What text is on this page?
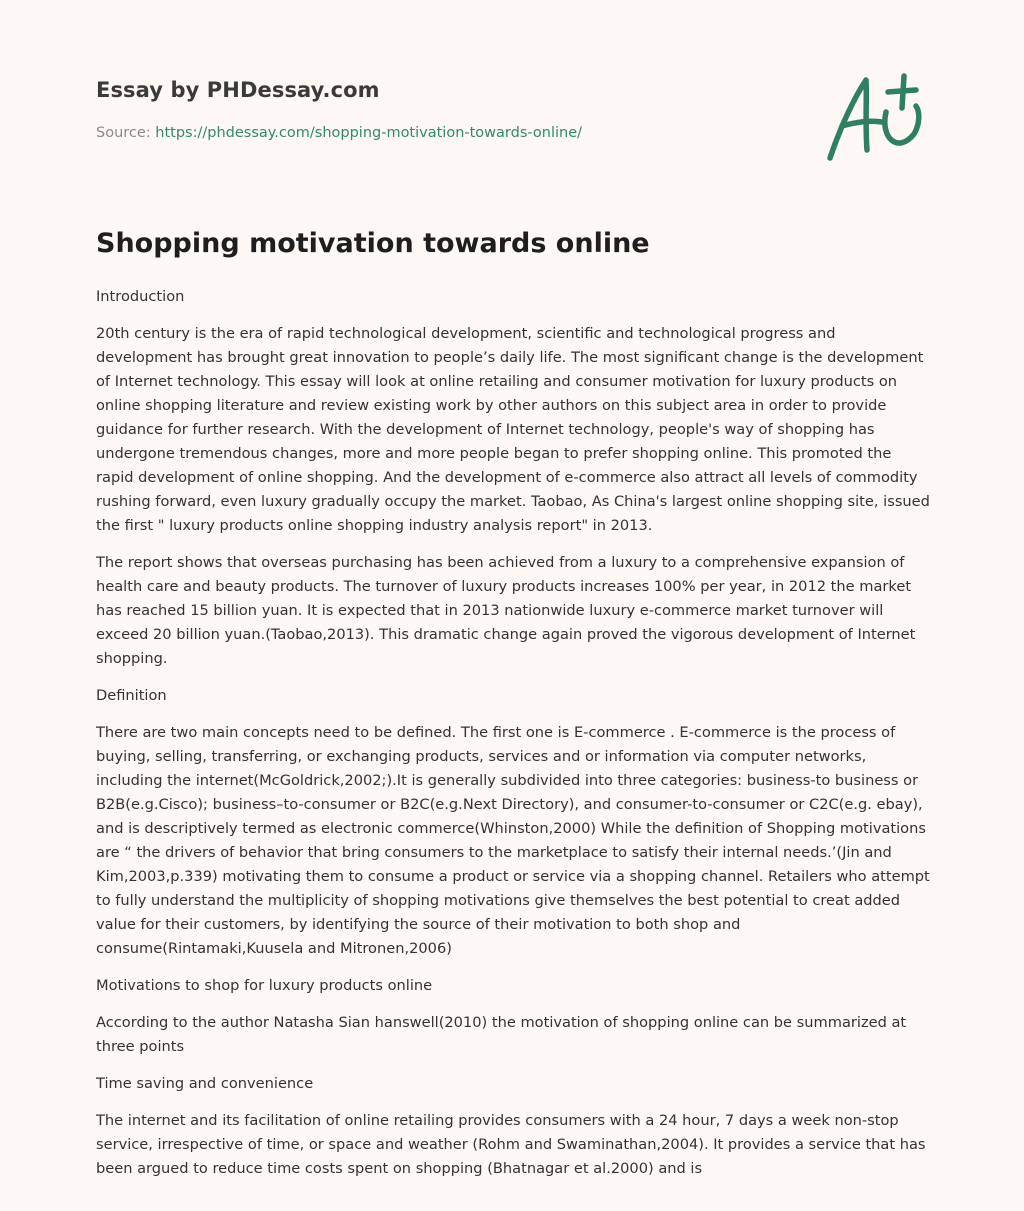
Essay by PHDessay.com
Source: https://phdessay.com/shopping-motivation-towards-online/
Shopping motivation towards online

Introduction

20th century is the era of rapid technological development, scientific and technological progress and development has brought great innovation to people’s daily life. The most significant change is the development of Internet technology. This essay will look at online retailing and consumer motivation for luxury products on online shopping literature and review existing work by other authors on this subject area in order to provide guidance for further research. With the development of Internet technology, people's way of shopping has undergone tremendous changes, more and more people began to prefer shopping online. This promoted the rapid development of online shopping. And the development of e-commerce also attract all levels of commodity rushing forward, even luxury gradually occupy the market. Taobao, As China's largest online shopping site, issued the first " luxury products online shopping industry analysis report" in 2013.

The report shows that overseas purchasing has been achieved from a luxury to a comprehensive expansion of health care and beauty products. The turnover of luxury products increases 100% per year, in 2012 the market has reached 15 billion yuan. It is expected that in 2013 nationwide luxury e-commerce market turnover will exceed 20 billion yuan.(Taobao,2013). This dramatic change again proved the vigorous development of Internet shopping.

Definition

There are two main concepts need to be defined. The first one is E-commerce . E-commerce is the process of buying, selling, transferring, or exchanging products, services and or information via computer networks, including the internet(McGoldrick,2002;).It is generally subdivided into three categories: business-to business or B2B(e.g.Cisco); business–to-consumer or B2C(e.g.Next Directory), and consumer-to-consumer or C2C(e.g. ebay), and is descriptively termed as electronic commerce(Whinston,2000) While the definition of Shopping motivations are “ the drivers of behavior that bring consumers to the marketplace to satisfy their internal needs.’(Jin and Kim,2003,p.339) motivating them to consume a product or service via a shopping channel. Retailers who attempt to fully understand the multiplicity of shopping motivations give themselves the best potential to creat added value for their customers, by identifying the source of their motivation to both shop and consume(Rintamaki,Kuusela and Mitronen,2006)

Motivations to shop for luxury products online

According to the author Natasha Sian hanswell(2010) the motivation of shopping online can be summarized at three points

Time saving and convenience

The internet and its facilitation of online retailing provides consumers with a 24 hour, 7 days a week non-stop service, irrespective of time, or space and weather (Rohm and Swaminathan,2004). It provides a service that has been argued to reduce time costs spent on shopping (Bhatnagar et al.2000) and is
